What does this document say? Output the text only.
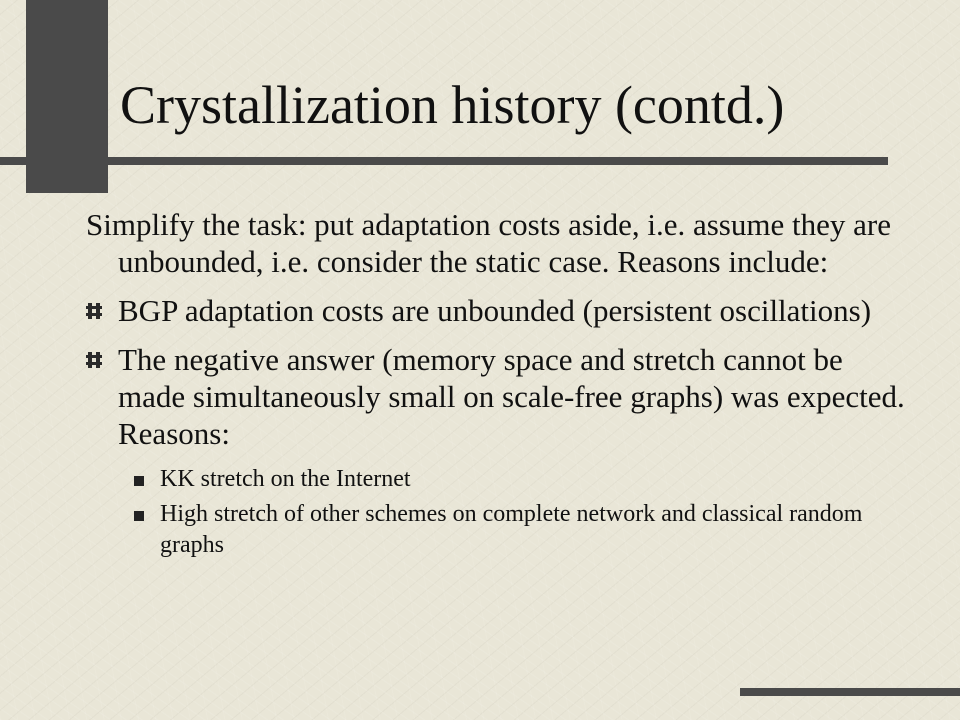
Crystallization history (contd.)

Simplify the task: put adaptation costs aside, i.e. assume they are unbounded, i.e. consider the static case. Reasons include:

BGP adaptation costs are unbounded (persistent oscillations)
The negative answer (memory space and stretch cannot be made simultaneously small on scale-free graphs) was expected. Reasons:
KK stretch on the Internet
High stretch of other schemes on complete network and classical random graphs
